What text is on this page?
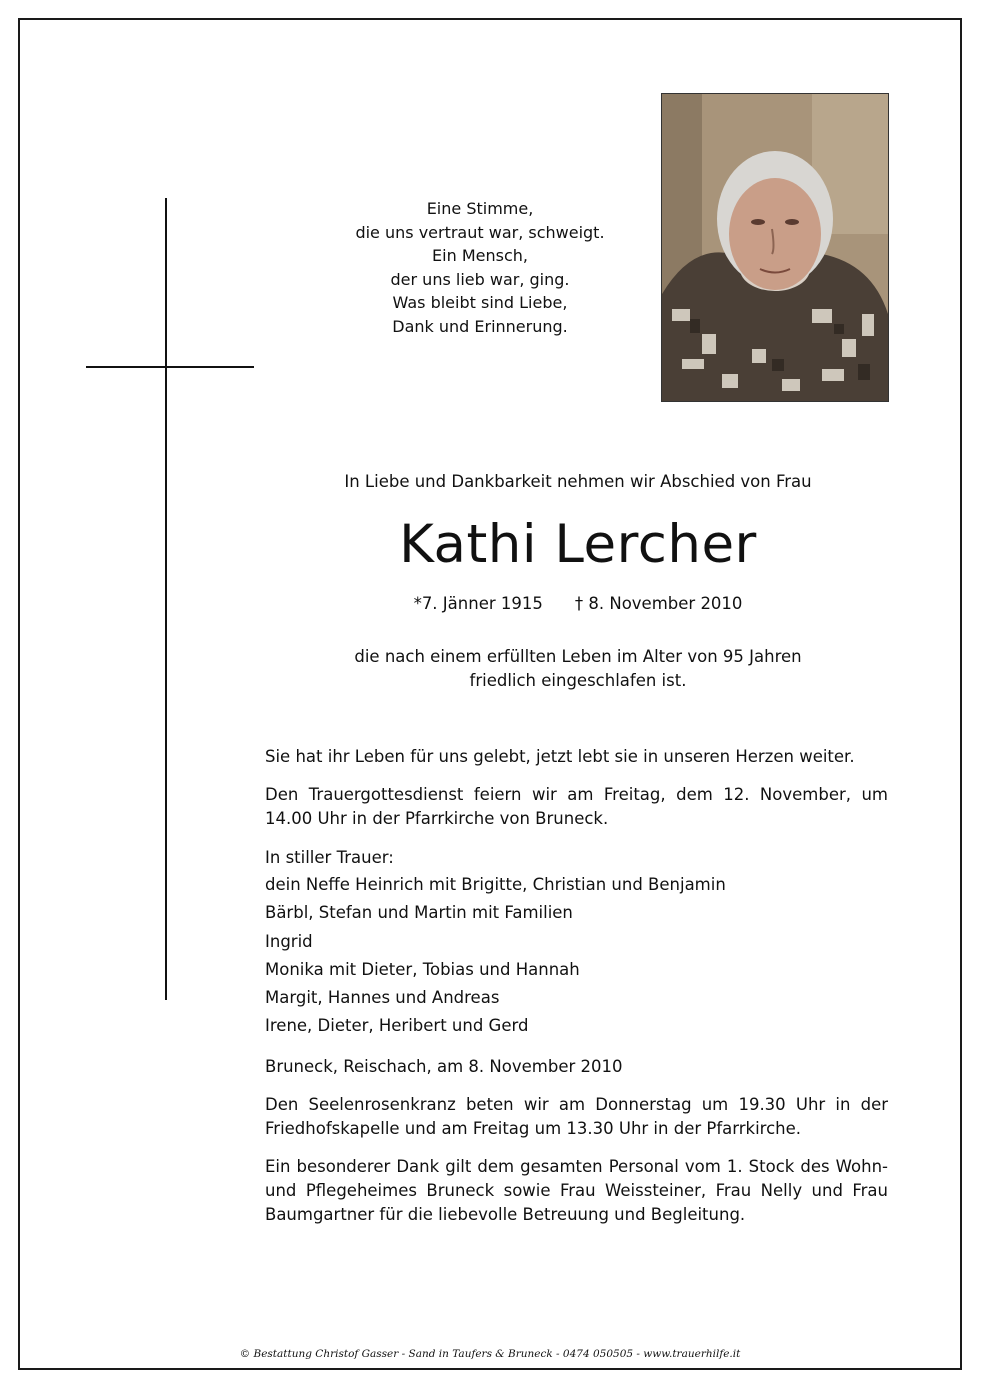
Eine Stimme,
die uns vertraut war, schweigt.
Ein Mensch,
der uns lieb war, ging.
Was bleibt sind Liebe,
Dank und Erinnerung.
In Liebe und Dankbarkeit nehmen wir Abschied von Frau
Kathi Lercher
*7. Jänner 1915 † 8. November 2010
die nach einem erfüllten Leben im Alter von 95 Jahren
friedlich eingeschlafen ist.
Sie hat ihr Leben für uns gelebt, jetzt lebt sie in unseren Herzen weiter.
Den Trauergottesdienst feiern wir am Freitag, dem 12. November, um 14.00 Uhr in der Pfarrkirche von Bruneck.
In stiller Trauer:
dein Neffe Heinrich mit Brigitte, Christian und Benjamin
Bärbl, Stefan und Martin mit Familien
Ingrid
Monika mit Dieter, Tobias und Hannah
Margit, Hannes und Andreas
Irene, Dieter, Heribert und Gerd
Bruneck, Reischach, am 8. November 2010
Den Seelenrosenkranz beten wir am Donnerstag um 19.30 Uhr in der Friedhofskapelle und am Freitag um 13.30 Uhr in der Pfarrkirche.
Ein besonderer Dank gilt dem gesamten Personal vom 1. Stock des Wohn- und Pflegeheimes Bruneck sowie Frau Weissteiner, Frau Nelly und Frau Baumgartner für die liebevolle Betreuung und Begleitung.
© Bestattung Christof Gasser - Sand in Taufers & Bruneck - 0474 050505 - www.trauerhilfe.it
